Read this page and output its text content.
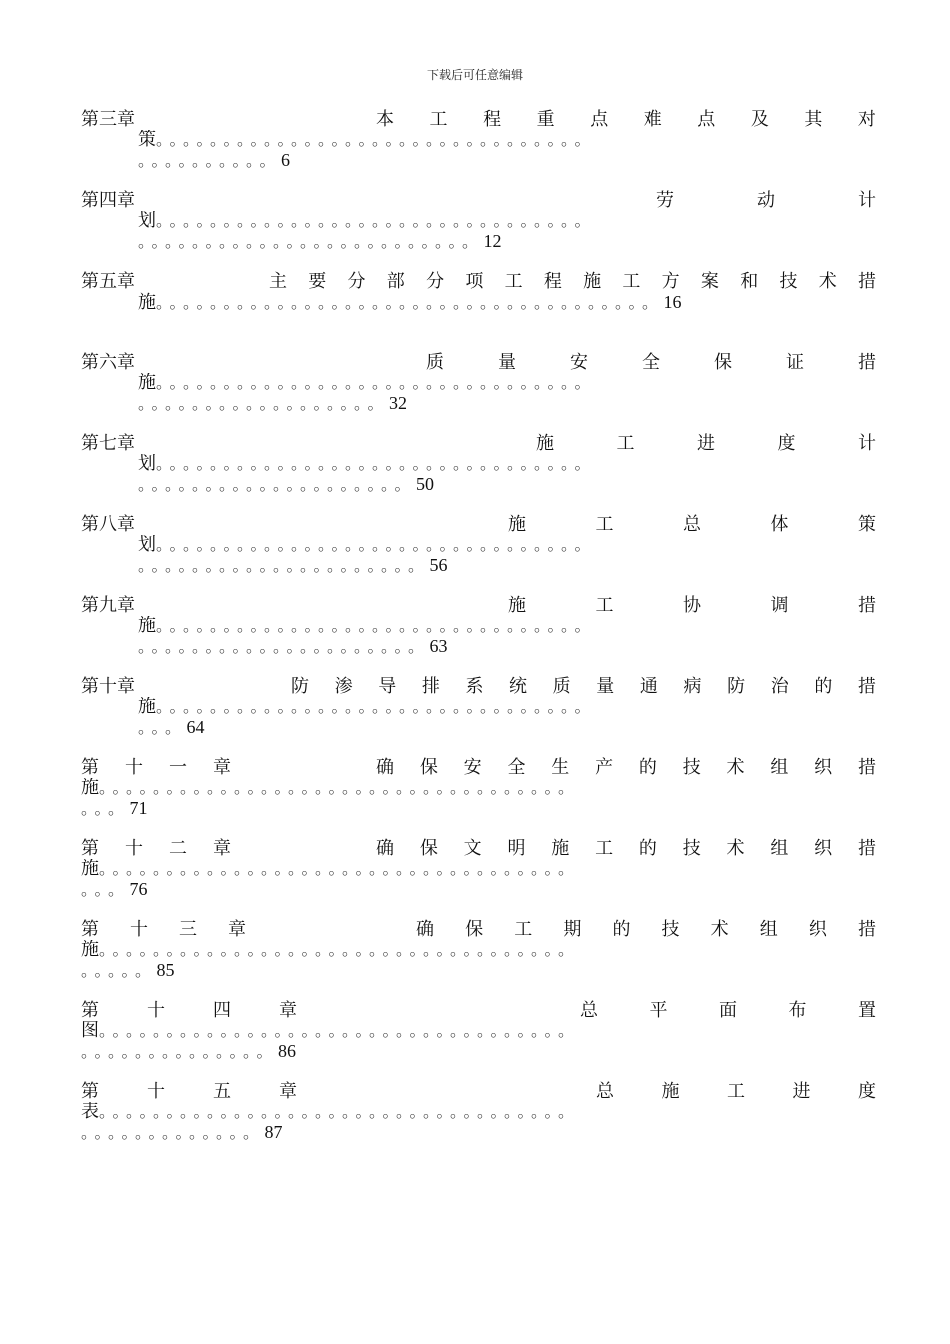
下载后可任意编辑
第三章	本 工 程 重 点 难 点 及 其 对
策。。。。。。。。。。。。。。。。。。。。。。。。。。。。。。。。
。。。。。。。。。。6
第四章	劳	动	计
划。。。。。。。。。。。。。。。。。。。。。。。。。。。。。。。。
。。。。。。。。。。。。。。。。。。。。。。。。。12
第五章	主 要 分 部 分 项 工 程 施 工 方 案 和 技 术 措
施。。。。。。。。。。。。。。。。。。。。。。。。。。。。。。。。。。。。。16
第六章	质	量	安	全	保	证	措
施。。。。。。。。。。。。。。。。。。。。。。。。。。。。。。。。
。。。。。。。。。。。。。。。。。。32
第七章	施	工	进	度	计
划。。。。。。。。。。。。。。。。。。。。。。。。。。。。。。。。
。。。。。。。。。。。。。。。。。。。。50
第八章	施	工	总	体	策
划。。。。。。。。。。。。。。。。。。。。。。。。。。。。。。。。
。。。。。。。。。。。。。。。。。。。。。56
第九章	施	工	协	调	措
施。。。。。。。。。。。。。。。。。。。。。。。。。。。。。。。。
。。。。。。。。。。。。。。。。。。。。。63
第十章	防 渗 导 排 系 统 质 量 通 病 防 治 的 措
施。。。。。。。。。。。。。。。。。。。。。。。。。。。。。。。。
。。。64
第 十 一 章	确 保 安 全 生 产 的 技 术 组 织 措
施。。。。。。。。。。。。。。。。。。。。。。。。。。。。。。。。。。。
。。。71
第 十 二 章	确 保 文 明 施 工 的 技 术 组 织 措
施。。。。。。。。。。。。。。。。。。。。。。。。。。。。。。。。。。。
。。。76
第 十 三 章	确 保 工 期 的 技 术 组 织 措
施。。。。。。。。。。。。。。。。。。。。。。。。。。。。。。。。。。。
。。。。。85
第	十	四	章	总	平	面	布	置
图。。。。。。。。。。。。。。。。。。。。。。。。。。。。。。。。。。。
。。。。。。。。。。。。。。86
第	十	五	章	总	施	工	进	度
表。。。。。。。。。。。。。。。。。。。。。。。。。。。。。。。。。。。
。。。。。。。。。。。。。87
